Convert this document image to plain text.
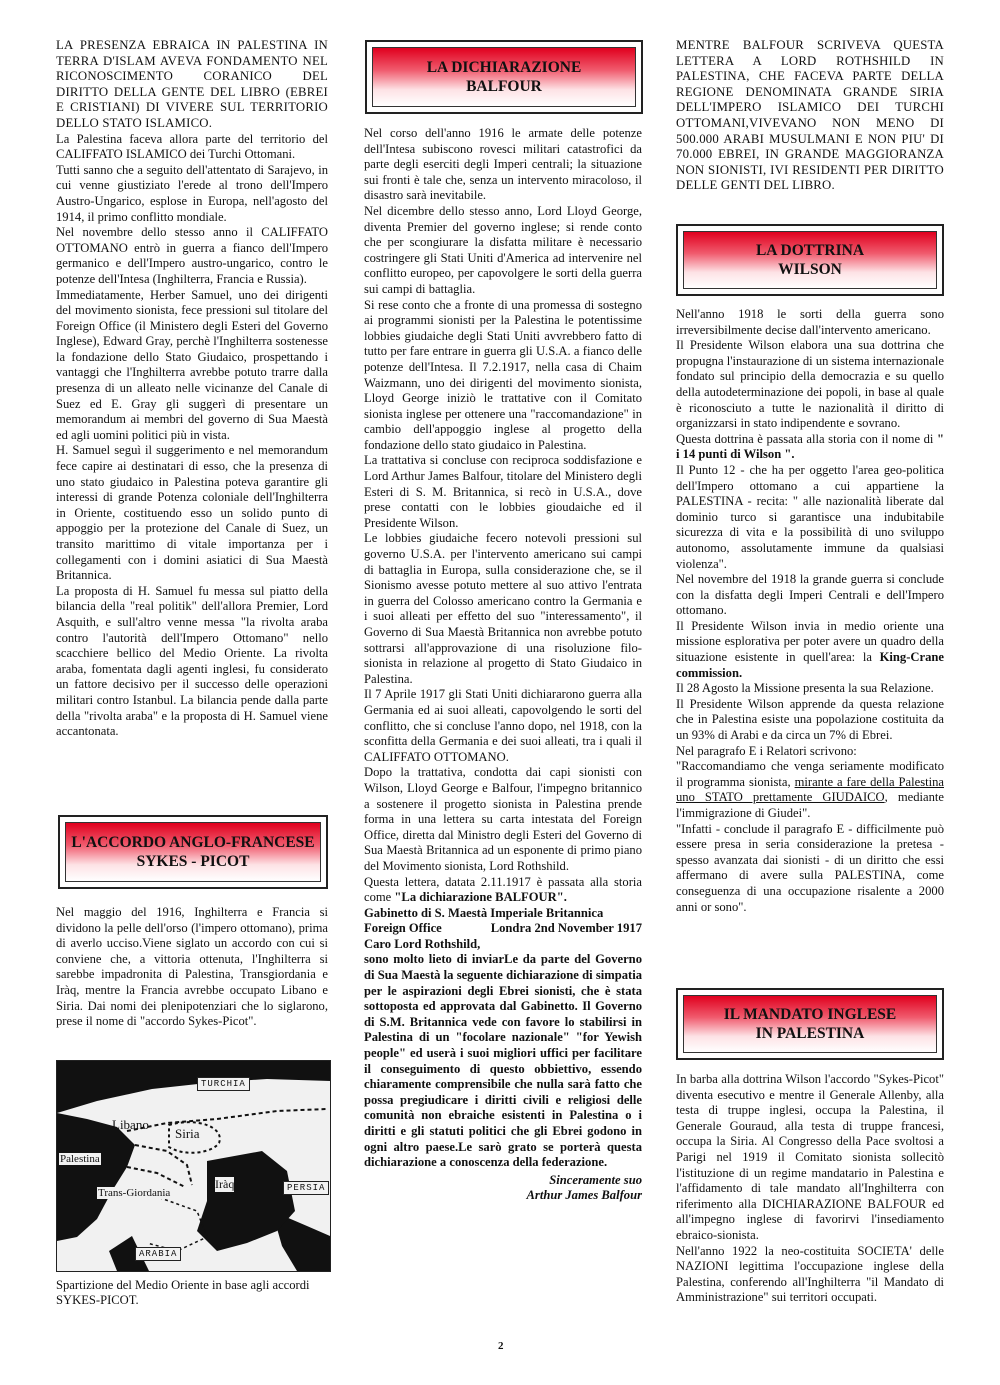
LA PRESENZA EBRAICA IN PALESTINA IN TERRA D'ISLAM AVEVA FONDAMENTO NEL RICONOSCIMENTO CORANICO DEL DIRITTO DELLA GENTE DEL LIBRO (EBREI E CRISTIANI) DI VIVERE SUL TERRITORIO DELLO STATO ISLAMICO.

La Palestina faceva allora parte del territorio del CALIFFATO ISLAMICO dei Turchi Ottomani.

Tutti sanno che a seguito dell'attentato di Sarajevo, in cui venne giustiziato l'erede al trono dell'Impero Austro-Ungarico, esplose in Europa, nell'agosto del 1914, il primo conflitto mondiale.

Nel novembre dello stesso anno il CALIFFATO OTTOMANO entrò in guerra a fianco dell'Impero germanico e dell'Impero austro-ungarico, contro le potenze dell'Intesa (Inghilterra, Francia e Russia).

Immediatamente, Herber Samuel, uno dei dirigenti del movimento sionista, fece pressioni sul titolare del Foreign Office (il Ministero degli Esteri del Governo Inglese), Edward Gray, perchè l'Inghilterra sostenesse la fondazione dello Stato Giudaico, prospettando i vantaggi che l'Inghilterra avrebbe potuto trarre dalla presenza di un alleato nelle vicinanze del Canale di Suez ed E. Gray gli suggerì di presentare un memorandum ai membri del governo di Sua Maestà ed agli uomini politici più in vista.

H. Samuel seguì il suggerimento e nel memorandum fece capire ai destinatari di esso, che la presenza di uno stato giudaico in Palestina poteva garantire gli interessi di grande Potenza coloniale dell'Inghilterra in Oriente, costituendo esso un solido punto di appoggio per la protezione del Canale di Suez, un transito marittimo di vitale importanza per i collegamenti con i domini asiatici di Sua Maestà Britannica.

La proposta di H. Samuel fu messa sul piatto della bilancia della "real politik" dell'allora Premier, Lord Asquith, e sull'altro venne messa "la rivolta araba contro l'autorità dell'Impero Ottomano" nello scacchiere bellico del Medio Oriente. La rivolta araba, fomentata dagli agenti inglesi, fu considerato un fattore decisivo per il successo delle operazioni militari contro Istanbul. La bilancia pende dalla parte della "rivolta araba" e la proposta di H. Samuel viene accantonata.

L'ACCORDO ANGLO-FRANCESE
SYKES - PICOT

Nel maggio del 1916, Inghilterra e Francia si dividono la pelle dell'orso (l'impero ottomano), prima di averlo ucciso.Viene siglato un accordo con cui si conviene che, a vittoria ottenuta, l'Inghilterra si sarebbe impadronita di Palestina, Transgiordania e Iràq, mentre la Francia avrebbe occupato Libano e Siria. Dai nomi dei plenipotenziari che lo siglarono, prese il nome di "accordo Sykes-Picot".

TURCHIA
Libano
Siria
Palestina
Trans-Giordania
Iràq	PERSIA
ARABIA
Spartizione del Medio Oriente in base agli accordi SYKES-PICOT.
LA DICHIARAZIONE
BALFOUR

Nel corso dell'anno 1916 le armate delle potenze dell'Intesa subiscono rovesci militari catastrofici da parte degli eserciti degli Imperi centrali; la situazione sui fronti è tale che, senza un intervento miracoloso, il disastro sarà inevitabile.

Nel dicembre dello stesso anno, Lord Lloyd George, diventa Premier del governo inglese; si rende conto che per scongiurare la disfatta militare è necessario costringere gli Stati Uniti d'America ad intervenire nel conflitto europeo, per capovolgere le sorti della guerra sui campi di battaglia.

Si rese conto che a fronte di una promessa di sostegno ai programmi sionisti per la Palestina le potentissime lobbies giudaiche degli Stati Uniti avvrebbero fatto di tutto per fare entrare in guerra gli U.S.A. a fianco delle potenze dell'Intesa. Il 7.2.1917, nella casa di Chaim Waizmann, uno dei dirigenti del movimento sionista, Lloyd George iniziò le trattative con il Comitato sionista inglese per ottenere una "raccomandazione" in cambio dell'appoggio inglese al progetto della fondazione dello stato giudaico in Palestina.

La trattativa si concluse con reciproca soddisfazione e Lord Arthur James Balfour, titolare del Ministero degli Esteri di S. M. Britannica, si recò in U.S.A., dove prese contatti con le lobbies gioudaiche ed il Presidente Wilson.

Le lobbies giudaiche fecero notevoli pressioni sul governo U.S.A. per l'intervento americano sui campi di battaglia in Europa, sulla considerazione che, se il Sionismo avesse potuto mettere al suo attivo l'entrata in guerra del Colosso americano contro la Germania e i suoi alleati per effetto del suo "interessamento", il Governo di Sua Maestà Britannica non avrebbe potuto sottrarsi all'approvazione di una risoluzione filo-sionista in relazione al progetto di Stato Giudaico in Palestina.

Il 7 Aprile 1917 gli Stati Uniti dichiararono guerra alla Germania ed ai suoi alleati, capovolgendo le sorti del conflitto, che si concluse l'anno dopo, nel 1918, con la sconfitta della Germania e dei suoi alleati, tra i quali il CALIFFATO OTTOMANO.

Dopo la trattativa, condotta dai capi sionisti con Wilson, Lloyd George e Balfour, l'impegno britannico a sostenere il progetto sionista in Palestina prende forma in una lettera su carta intestata del Foreign Office, diretta dal Ministro degli Esteri del Governo di Sua Maestà Britannica ad un esponente di primo piano del Movimento sionista, Lord Rothshild.

Questa lettera, datata 2.11.1917 è passata alla storia come "La dichiarazione BALFOUR".

Gabinetto di S. Maestà Imperiale Britannica

Foreign Office	Londra 2nd November 1917

Caro Lord Rothshild,

sono molto lieto di inviarLe da parte del Governo di Sua Maestà la seguente dichiarazione di simpatia per le aspirazioni degli Ebrei sionisti, che è stata sottoposta ed approvata dal Gabinetto. Il Governo di S.M. Britannica vede con favore lo stabilirsi in Palestina di un "focolare nazionale" "for Yewish people" ed userà i suoi migliori uffici per facilitare il conseguimento di questo obbiettivo, essendo chiaramente comprensibile che nulla sarà fatto che possa pregiudicare i diritti civili e religiosi delle comunità non ebraiche esistenti in Palestina o i diritti e gli statuti politici che gli Ebrei godono in ogni altro paese.Le sarò grato se porterà questa dichiarazione a conoscenza della federazione.

Sinceramente suo

Arthur James Balfour

MENTRE BALFOUR SCRIVEVA QUESTA LETTERA A LORD ROTHSHILD IN PALESTINA, CHE FACEVA PARTE DELLA REGIONE DENOMINATA GRANDE SIRIA DELL'IMPERO ISLAMICO DEI TURCHI OTTOMANI,VIVEVANO NON MENO DI 500.000 ARABI MUSULMANI E NON PIU' DI 70.000 EBREI, IN GRANDE MAGGIORANZA NON SIONISTI, IVI RESIDENTI PER DIRITTO DELLE GENTI DEL LIBRO.

LA DOTTRINA
WILSON

Nell'anno 1918 le sorti della guerra sono irreversibilmente decise dall'intervento americano.

Il Presidente Wilson elabora una sua dottrina che propugna l'instaurazione di un sistema internazionale fondato sul principio della democrazia e su quello della autodeterminazione dei popoli, in base al quale è riconosciuto a tutte le nazionalità il diritto di organizzarsi in stato indipendente e sovrano.

Questa dottrina è passata alla storia con il nome di " i 14 punti di Wilson ".

Il Punto 12 - che ha per oggetto l'area geo-politica dell'Impero ottomano a cui appartiene la PALESTINA - recita: " alle nazionalità liberate dal dominio turco si garantisce una indubitabile sicurezza di vita e la possibilità di uno sviluppo autonomo, assolutamente immune da qualsiasi violenza".

Nel novembre del 1918 la grande guerra si conclude con la disfatta degli Imperi Centrali e dell'Impero ottomano.

Il Presidente Wilson invia in medio oriente una missione esplorativa per poter avere un quadro della situazione esistente in quell'area: la King-Crane commission.

Il 28 Agosto la Missione presenta la sua Relazione.

Il Presidente Wilson apprende da questa relazione che in Palestina esiste una popolazione costituita da un 93% di Arabi e da circa un 7% di Ebrei.

Nel paragrafo E i Relatori scrivono:

"Raccomandiamo che venga seriamente modificato il programma sionista, mirante a fare della Palestina uno STATO prettamente GIUDAICO, mediante l'immigrazione di Giudei".

"Infatti - conclude il paragrafo E - difficilmente può essere presa in seria considerazione la pretesa - spesso avanzata dai sionisti - di un diritto che essi affermano di avere sulla PALESTINA, come conseguenza di una occupazione risalente a 2000 anni or sono".

IL MANDATO INGLESE
IN PALESTINA

In barba alla dottrina Wilson l'accordo "Sykes-Picot" diventa esecutivo e mentre il Generale Allenby, alla testa di truppe inglesi, occupa la Palestina, il Generale Gouraud, alla testa di truppe francesi, occupa la Siria. Al Congresso della Pace svoltosi a Parigi nel 1919 il Comitato sionista sollecitò l'istituzione di un regime mandatario in Palestina e l'affidamento di tale mandato all'Inghilterra con riferimento alla DICHIARAZIONE BALFOUR ed all'impegno inglese di favorirvi l'insediamento ebraico-sionista.

Nell'anno 1922 la neo-costituita SOCIETA' delle NAZIONI legittima l'occupazione inglese della Palestina, conferendo all'Inghilterra "il Mandato di Amministrazione" sui territori occupati.

2
